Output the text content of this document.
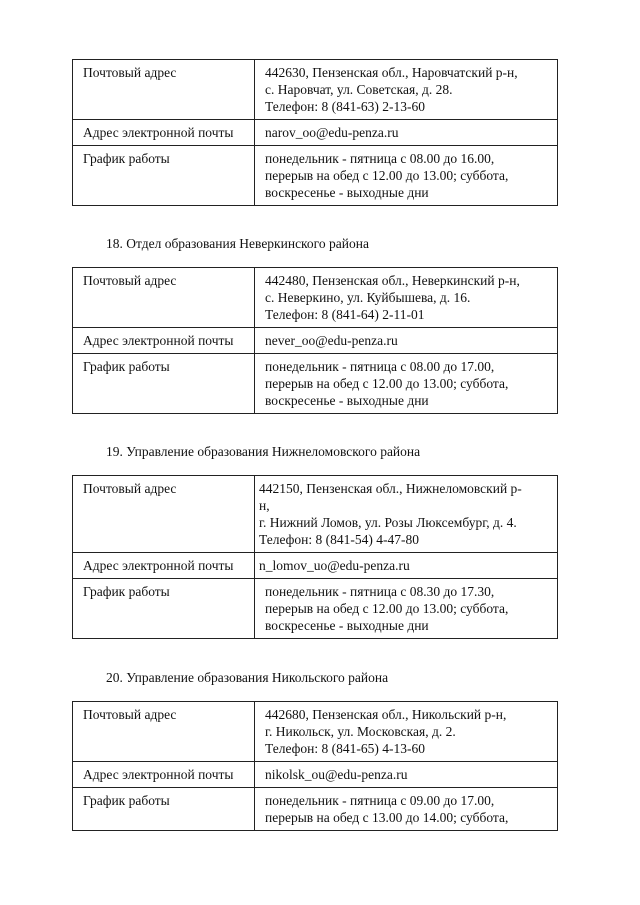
Почтовый адрес	442630, Пензенская обл., Наровчатский р-н,
с. Наровчат, ул. Советская, д. 28.
Телефон: 8 (841-63) 2-13-60
Адрес электронной почты	narov_oo@edu-penza.ru
График работы	понедельник - пятница с 08.00 до 16.00,
перерыв на обед с 12.00 до 13.00; суббота,
воскресенье - выходные дни
18. Отдел образования Неверкинского района
Почтовый адрес	442480, Пензенская обл., Неверкинский р-н,
с. Неверкино, ул. Куйбышева, д. 16.
Телефон: 8 (841-64) 2-11-01
Адрес электронной почты	never_oo@edu-penza.ru
График работы	понедельник - пятница с 08.00 до 17.00,
перерыв на обед с 12.00 до 13.00; суббота,
воскресенье - выходные дни
19. Управление образования Нижнеломовского района
Почтовый адрес	442150, Пензенская обл., Нижнеломовский р-
н,
г. Нижний Ломов, ул. Розы Люксембург, д. 4.
Телефон: 8 (841-54) 4-47-80
Адрес электронной почты	n_lomov_uo@edu-penza.ru
График работы	понедельник - пятница с 08.30 до 17.30,
перерыв на обед с 12.00 до 13.00; суббота,
воскресенье - выходные дни
20. Управление образования Никольского района
Почтовый адрес	442680, Пензенская обл., Никольский р-н,
г. Никольск, ул. Московская, д. 2.
Телефон: 8 (841-65) 4-13-60
Адрес электронной почты	nikolsk_ou@edu-penza.ru
График работы	понедельник - пятница с 09.00 до 17.00,
перерыв на обед с 13.00 до 14.00; суббота,
